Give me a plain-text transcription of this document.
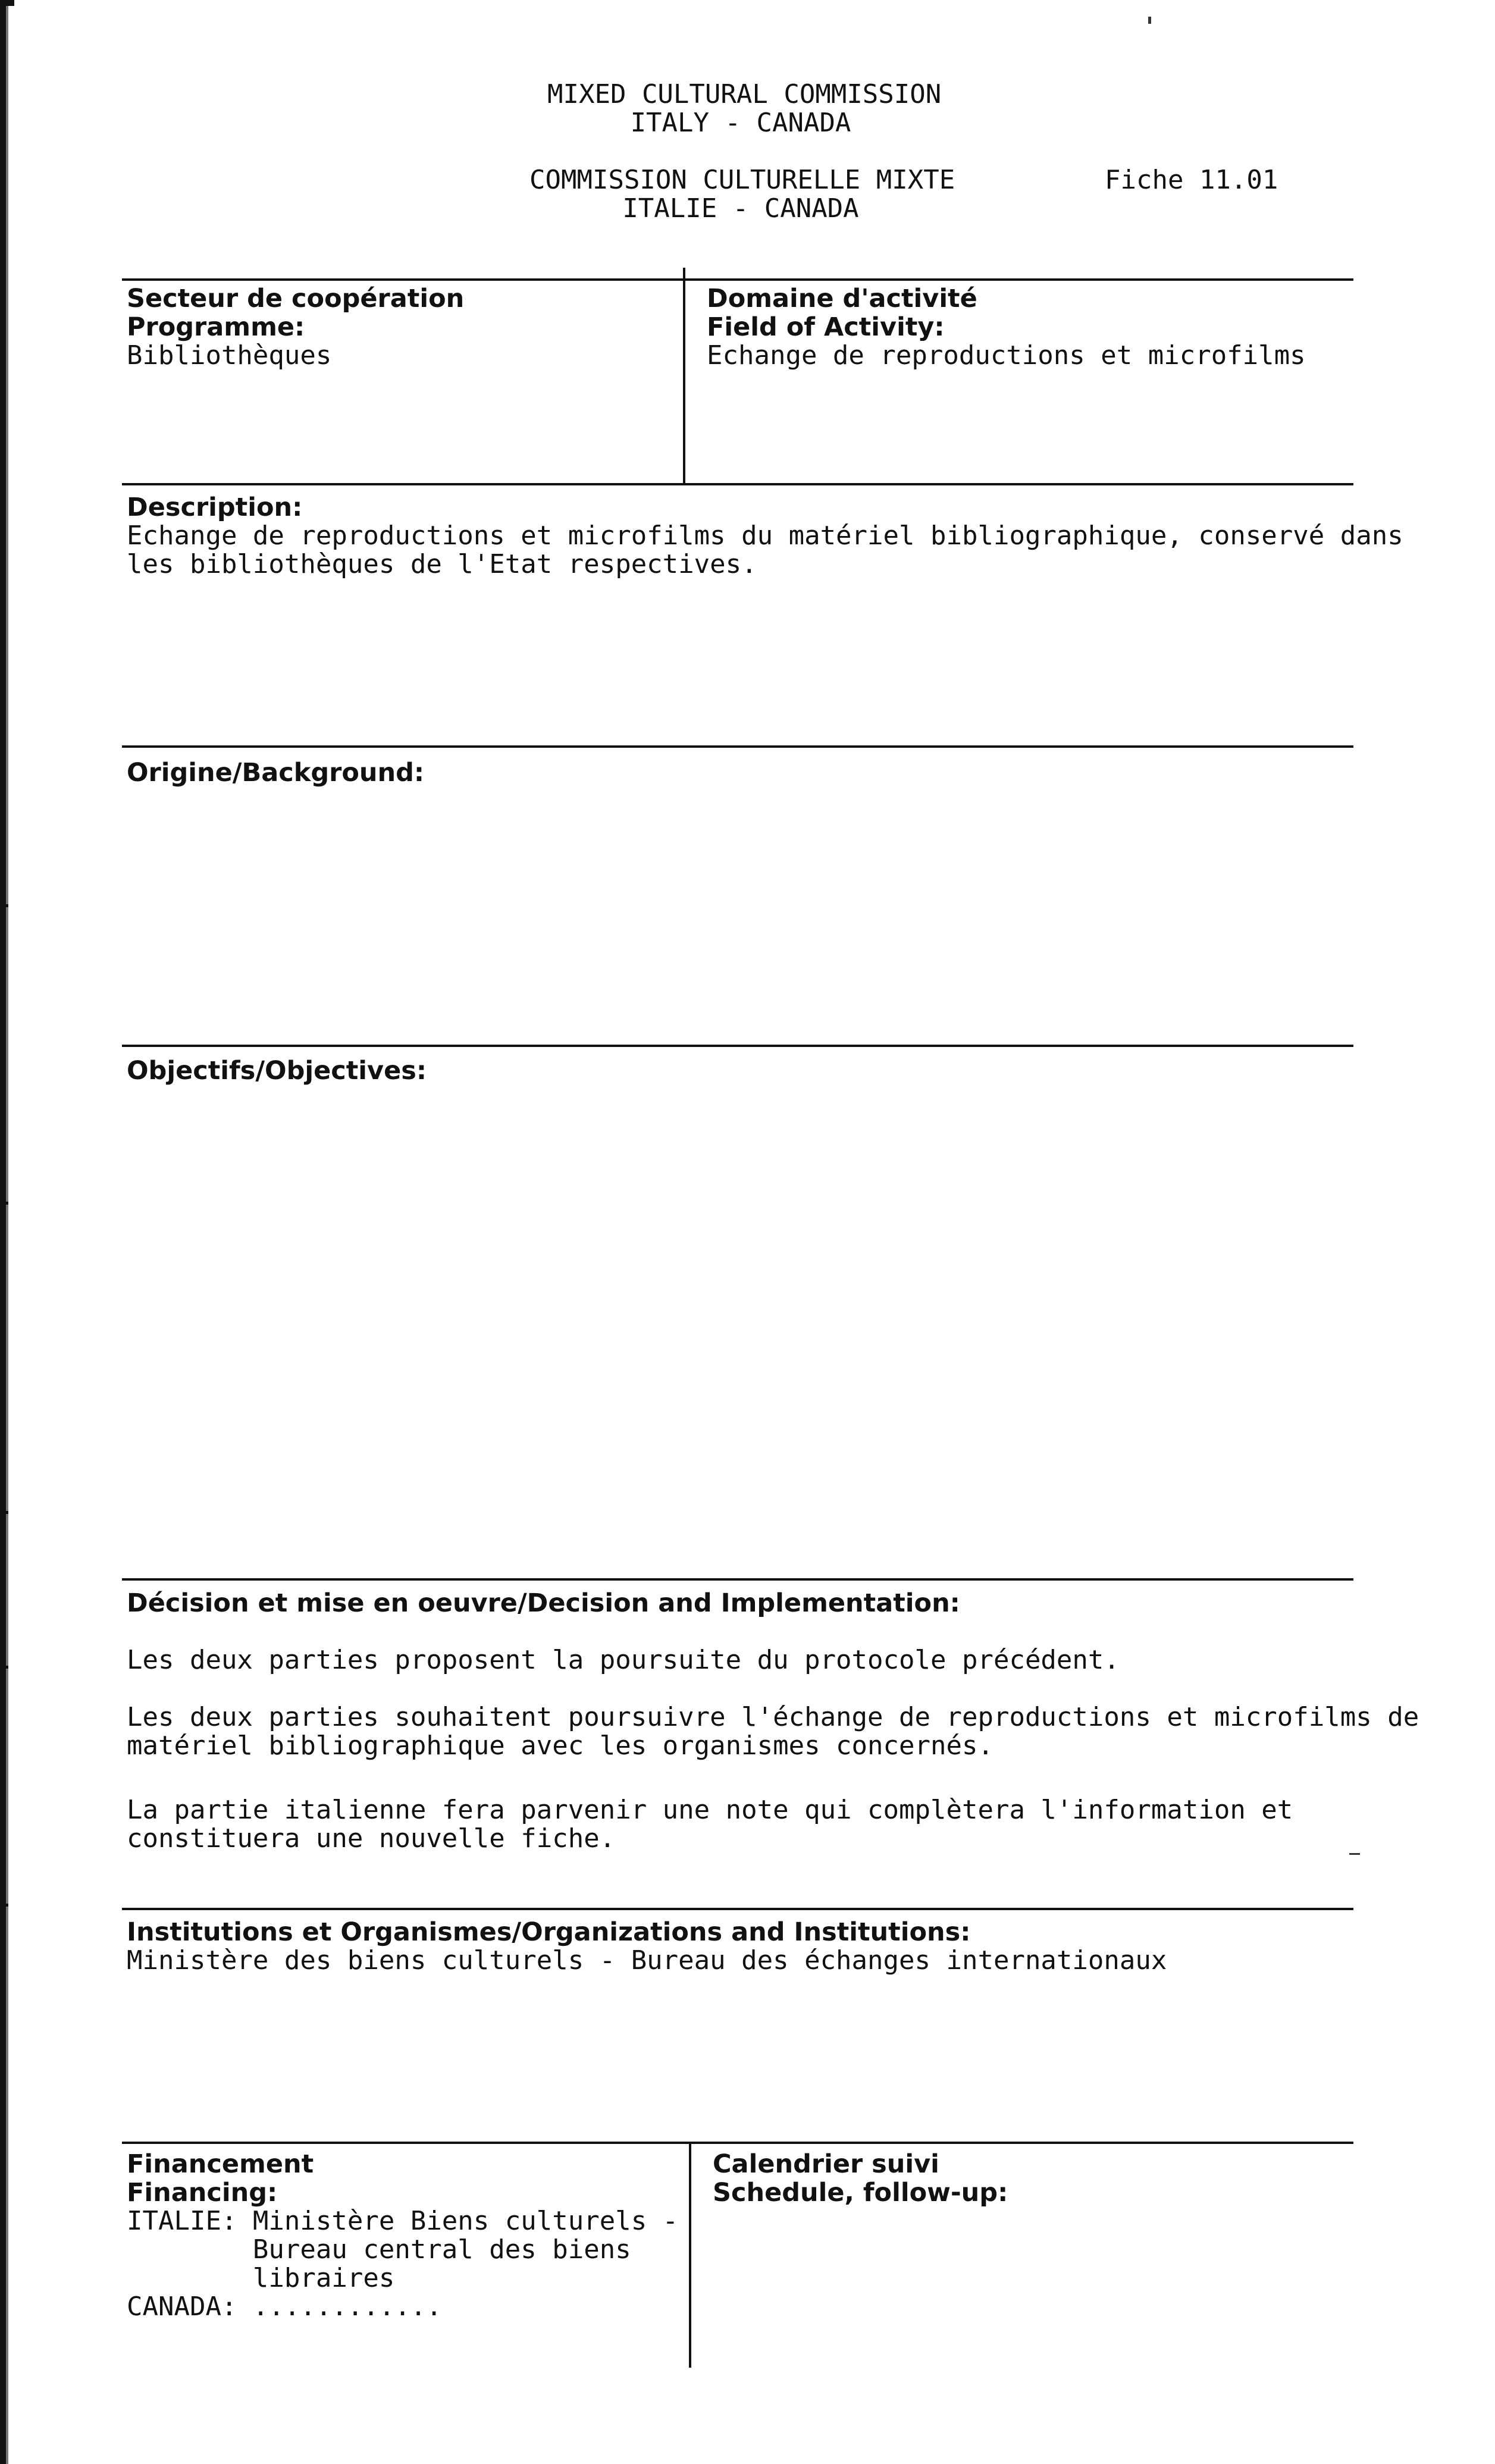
MIXED CULTURAL COMMISSION
ITALY - CANADA
COMMISSION CULTURELLE MIXTE
ITALIE - CANADA
Fiche 11.01
Secteur de coopération
Programme:
Bibliothèques
Domaine d'activité
Field of Activity:
Echange de reproductions et microfilms
Description:
Echange de reproductions et microfilms du matériel bibliographique, conservé dans
les bibliothèques de l'Etat respectives.
Origine/Background:
Objectifs/Objectives:
Décision et mise en oeuvre/Decision and Implementation:
Les deux parties proposent la poursuite du protocole précédent.
Les deux parties souhaitent poursuivre l'échange de reproductions et microfilms de
matériel bibliographique avec les organismes concernés.
La partie italienne fera parvenir une note qui complètera l'information et
constituera une nouvelle fiche.
Institutions et Organismes/Organizations and Institutions:
Ministère des biens culturels - Bureau des échanges internationaux
Financement
Financing:
ITALIE: Ministère Biens culturels -
Bureau central des biens
libraires
CANADA: ............
Calendrier suivi
Schedule, follow-up:
